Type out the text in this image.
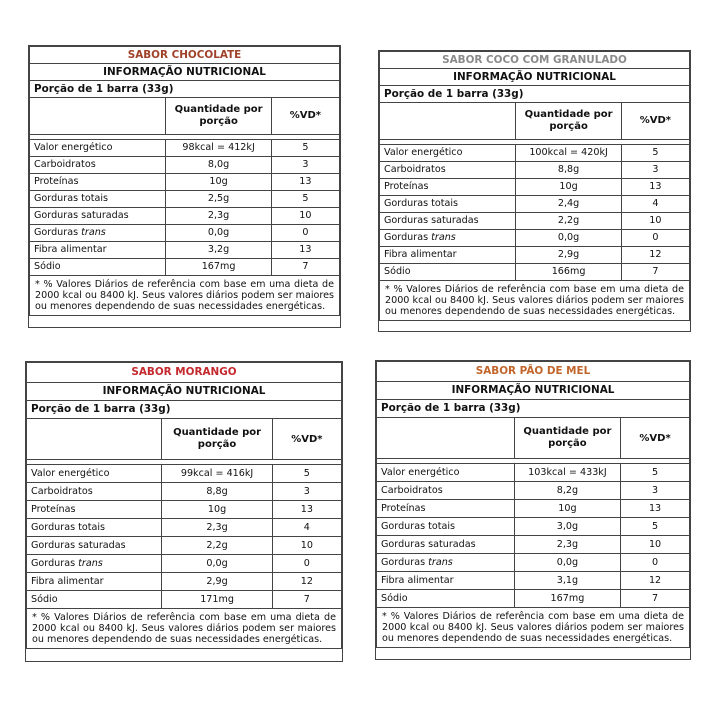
SABOR CHOCOLATE		
INFORMAÇÃO NUTRICIONAL		
Porção de 1 barra (33g)		
	Quantidade por porção	%VD*

Valor energético	98kcal = 412kJ	5
Carboidratos	8,0g	3
Proteínas	10g	13
Gorduras totais	2,5g	5
Gorduras saturadas	2,3g	10
Gorduras trans	0,0g	0
Fibra alimentar	3,2g	13
Sódio	167mg	7
* % Valores Diários de referência com base em uma dieta de 2000 kcal ou 8400 kJ. Seus valores diários podem ser maiores ou menores dependendo de suas necessidades energéticas.		
SABOR COCO COM GRANULADO		
INFORMAÇÃO NUTRICIONAL		
Porção de 1 barra (33g)		
	Quantidade por porção	%VD*

Valor energético	100kcal = 420kJ	5
Carboidratos	8,8g	3
Proteínas	10g	13
Gorduras totais	2,4g	4
Gorduras saturadas	2,2g	10
Gorduras trans	0,0g	0
Fibra alimentar	2,9g	12
Sódio	166mg	7
* % Valores Diários de referência com base em uma dieta de 2000 kcal ou 8400 kJ. Seus valores diários podem ser maiores ou menores dependendo de suas necessidades energéticas.		
SABOR MORANGO		
INFORMAÇÃO NUTRICIONAL		
Porção de 1 barra (33g)		
	Quantidade por porção	%VD*

Valor energético	99kcal = 416kJ	5
Carboidratos	8,8g	3
Proteínas	10g	13
Gorduras totais	2,3g	4
Gorduras saturadas	2,2g	10
Gorduras trans	0,0g	0
Fibra alimentar	2,9g	12
Sódio	171mg	7
* % Valores Diários de referência com base em uma dieta de 2000 kcal ou 8400 kJ. Seus valores diários podem ser maiores ou menores dependendo de suas necessidades energéticas.		
SABOR PÃO DE MEL		
INFORMAÇÃO NUTRICIONAL		
Porção de 1 barra (33g)		
	Quantidade por porção	%VD*

Valor energético	103kcal = 433kJ	5
Carboidratos	8,2g	3
Proteínas	10g	13
Gorduras totais	3,0g	5
Gorduras saturadas	2,3g	10
Gorduras trans	0,0g	0
Fibra alimentar	3,1g	12
Sódio	167mg	7
* % Valores Diários de referência com base em uma dieta de 2000 kcal ou 8400 kJ. Seus valores diários podem ser maiores ou menores dependendo de suas necessidades energéticas.		
